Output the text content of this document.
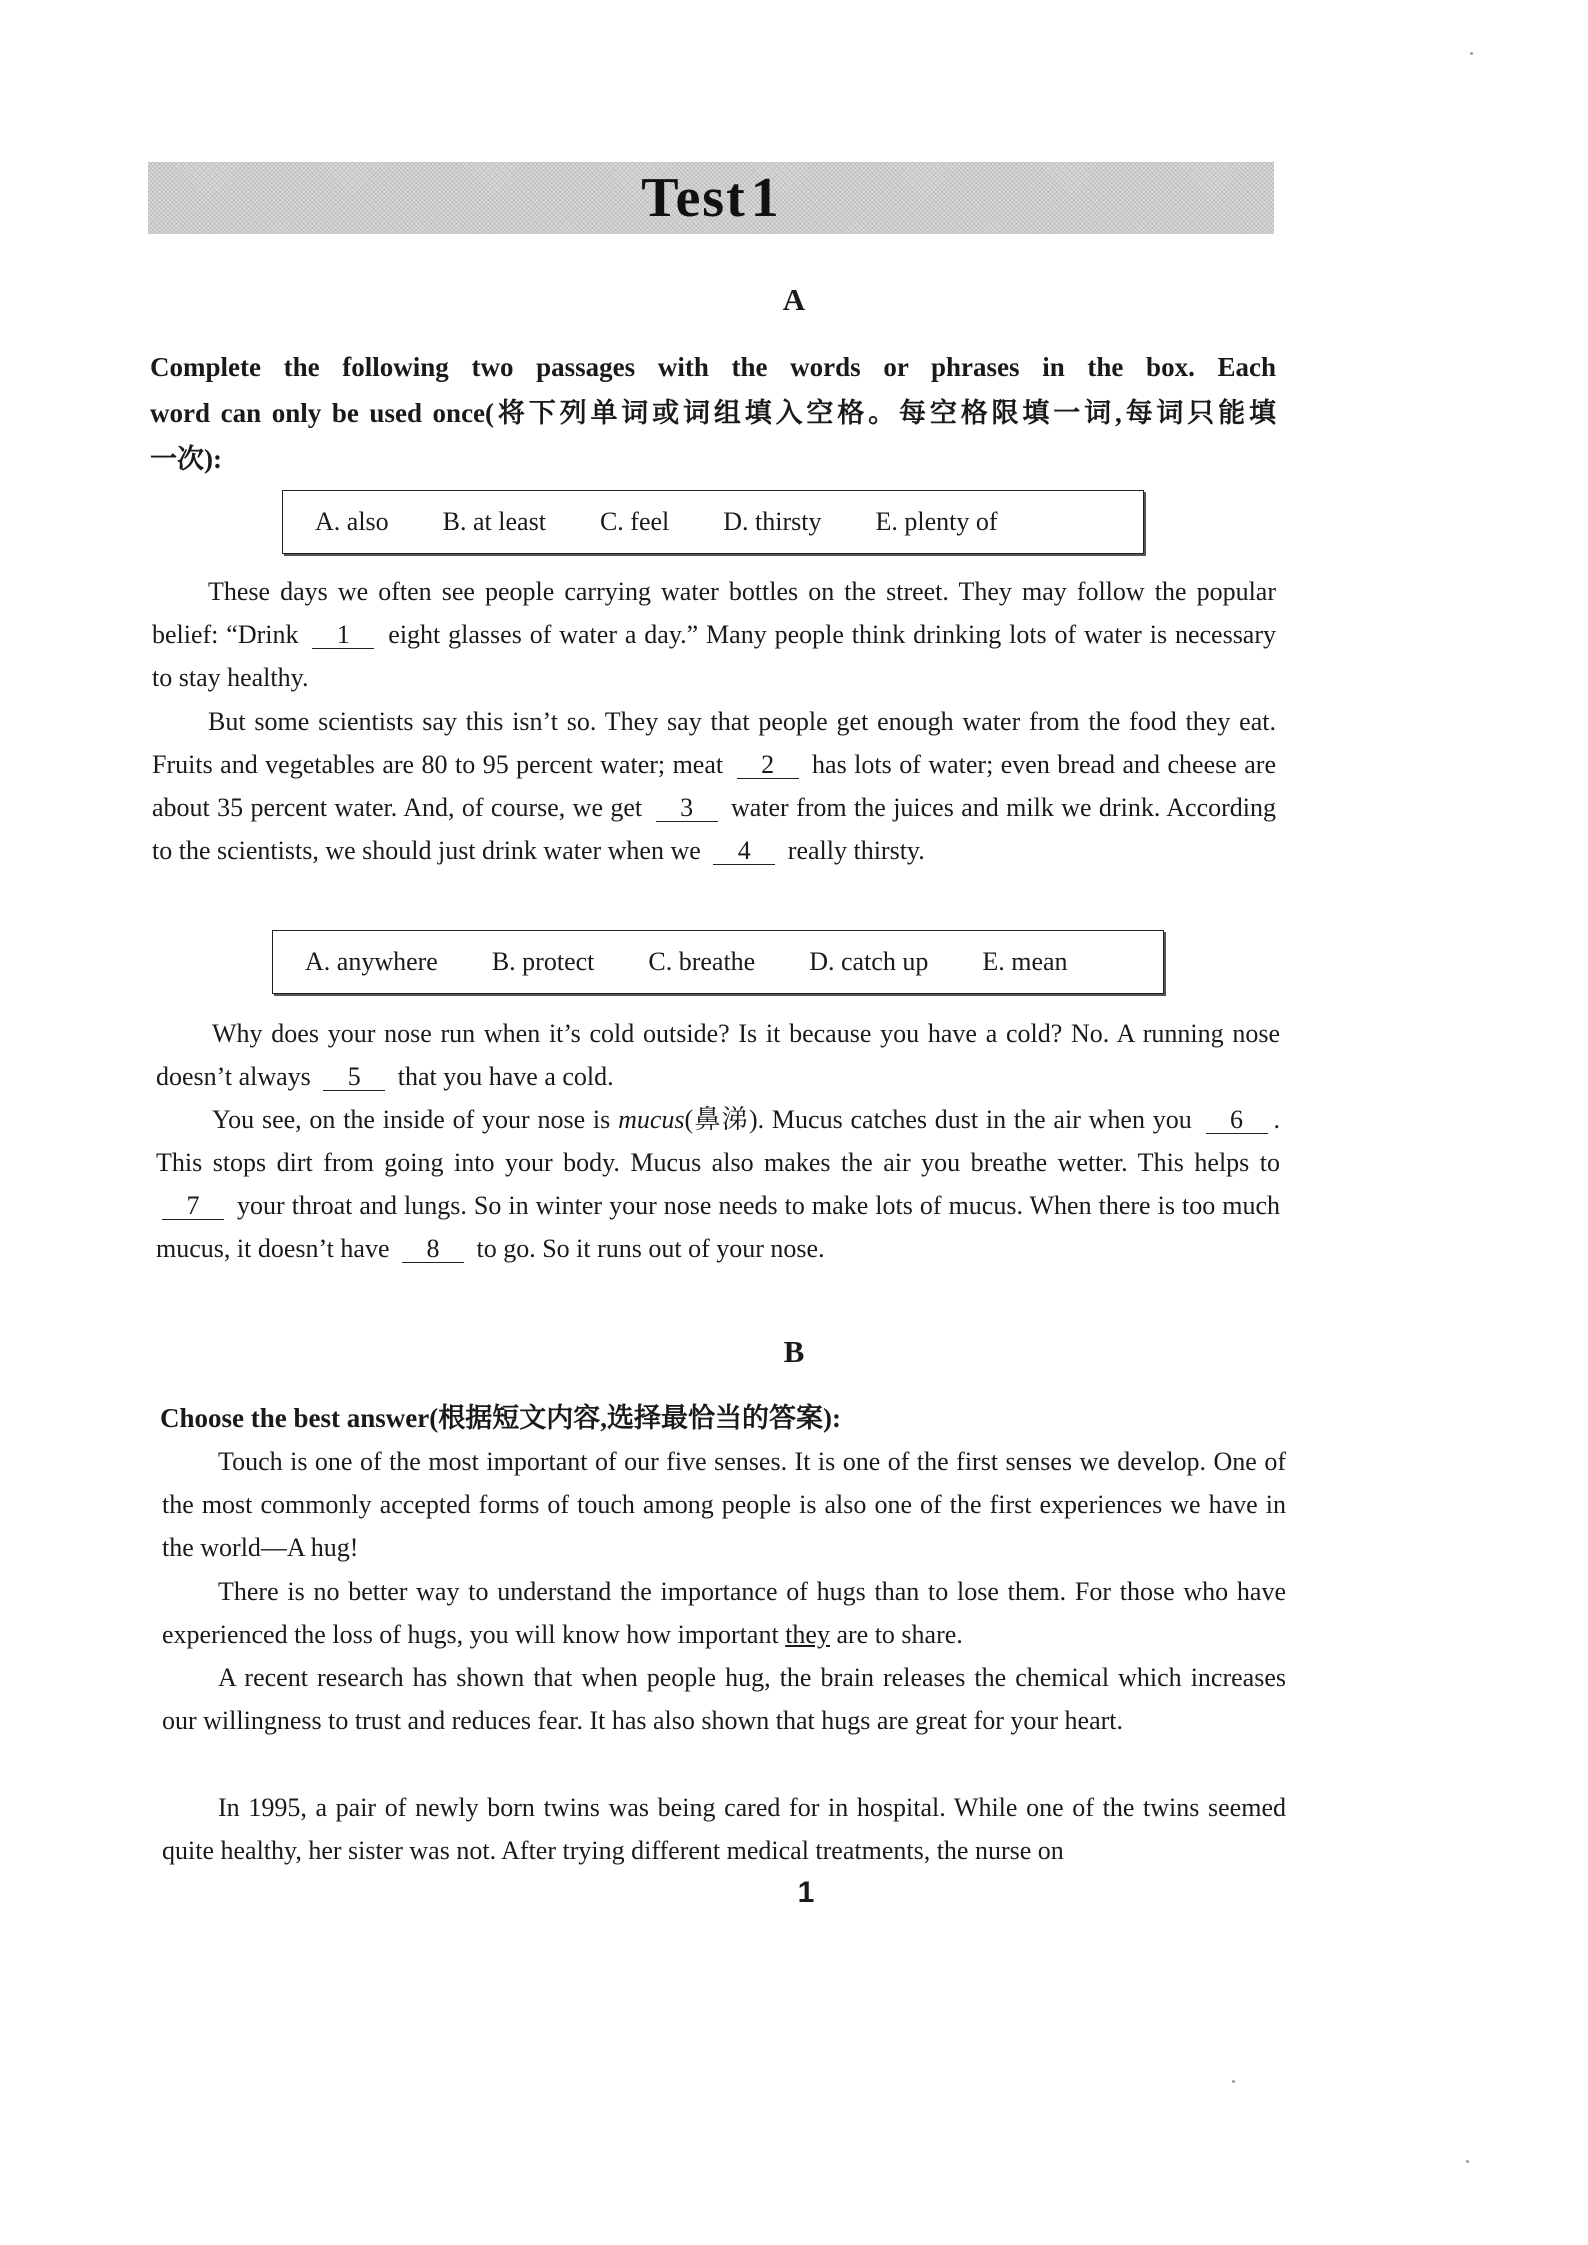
Test 1
A
Complete the following two passages with the words or phrases in the box. Each
word can only be used once(将下列单词或词组填入空格。每空格限填一词,每词只能填
一次):
A. also B. at least C. feel D. thirsty E. plenty of

These days we often see people carrying water bottles on the street. They may follow the popular belief: “Drink 1 eight glasses of water a day.” Many people think drinking lots of water is necessary to stay healthy.

But some scientists say this isn’t so. They say that people get enough water from the food they eat. Fruits and vegetables are 80 to 95 percent water; meat 2 has lots of water; even bread and cheese are about 35 percent water. And, of course, we get 3 water from the juices and milk we drink. According to the scientists, we should just drink water when we 4 really thirsty.

A. anywhere B. protect C. breathe D. catch up E. mean

Why does your nose run when it’s cold outside? Is it because you have a cold? No. A running nose doesn’t always 5 that you have a cold.

You see, on the inside of your nose is mucus(鼻涕). Mucus catches dust in the air when you 6 . This stops dirt from going into your body. Mucus also makes the air you breathe wetter. This helps to 7 your throat and lungs. So in winter your nose needs to make lots of mucus. When there is too much mucus, it doesn’t have 8 to go. So it runs out of your nose.

B
Choose the best answer(根据短文内容,选择最恰当的答案):

Touch is one of the most important of our five senses. It is one of the first senses we develop. One of the most commonly accepted forms of touch among people is also one of the first experiences we have in the world—A hug!

There is no better way to understand the importance of hugs than to lose them. For those who have experienced the loss of hugs, you will know how important they are to share.

A recent research has shown that when people hug, the brain releases the chemical which increases our willingness to trust and reduces fear. It has also shown that hugs are great for your heart.

In 1995, a pair of newly born twins was being cared for in hospital. While one of the twins seemed quite healthy, her sister was not. After trying different medical treatments, the nurse on

1
